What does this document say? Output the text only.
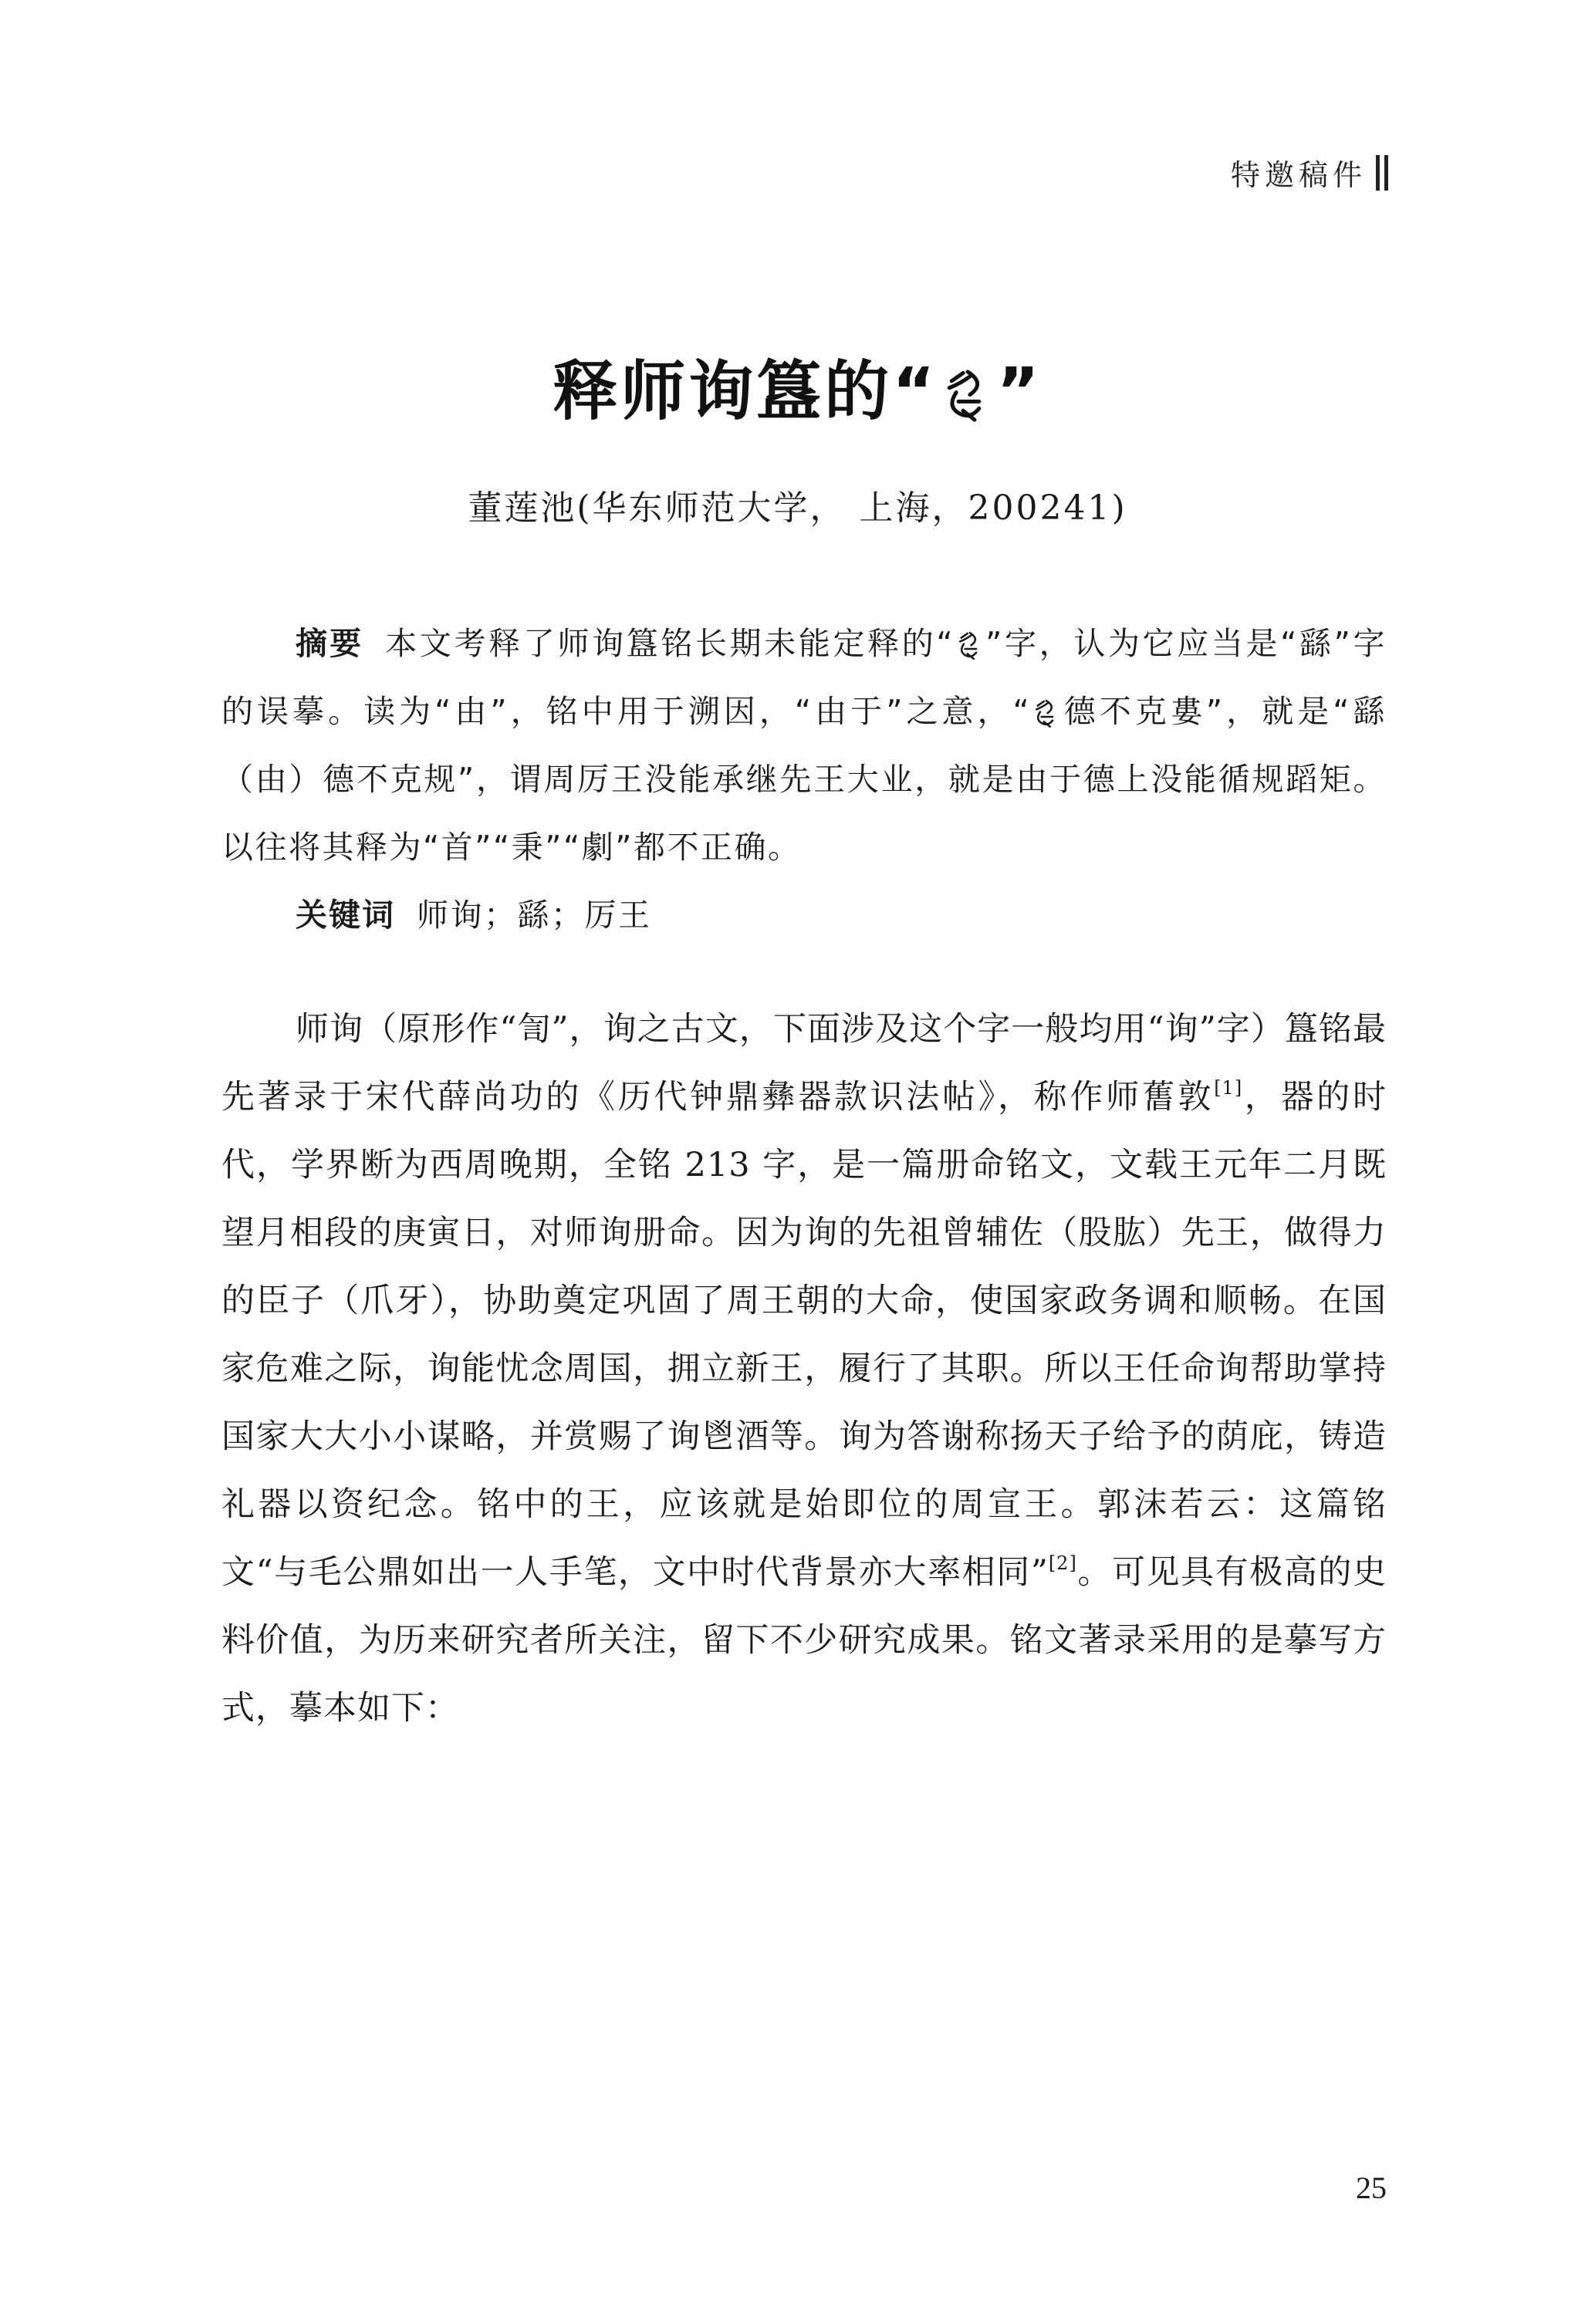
特邀稿件
释师询簋的“ ”
董莲池(华东师范大学， 上海，200241)

摘要 本文考释了师询簋铭长期未能定释的“ ”字，认为它应当是“繇”字的误摹。读为“由”，铭中用于溯因，“由于”之意，“ 德不克婁”，就是“繇（由）德不克规”，谓周厉王没能承继先王大业，就是由于德上没能循规蹈矩。以往将其释为“首”“秉”“劇”都不正确。

关键词 师询；繇；厉王

师询（原形作“訇”，询之古文，下面涉及这个字一般均用“询”字）簋铭最先著录于宋代薛尚功的《历代钟鼎彝器款识法帖》，称作师𦾔敦[1]，器的时代，学界断为西周晚期，全铭 213 字，是一篇册命铭文，文载王元年二月既望月相段的庚寅日，对师询册命。因为询的先祖曾辅佐（股肱）先王，做得力的臣子（爪牙），协助奠定巩固了周王朝的大命，使国家政务调和顺畅。在国家危难之际，询能忧念周国，拥立新王，履行了其职。所以王任命询帮助掌持国家大大小小谋略，并赏赐了询鬯酒等。询为答谢称扬天子给予的荫庇，铸造礼器以资纪念。铭中的王，应该就是始即位的周宣王。郭沫若云：这篇铭文“与毛公鼎如出一人手笔，文中时代背景亦大率相同”[2]。可见具有极高的史料价值，为历来研究者所关注，留下不少研究成果。铭文著录采用的是摹写方式，摹本如下：

25
